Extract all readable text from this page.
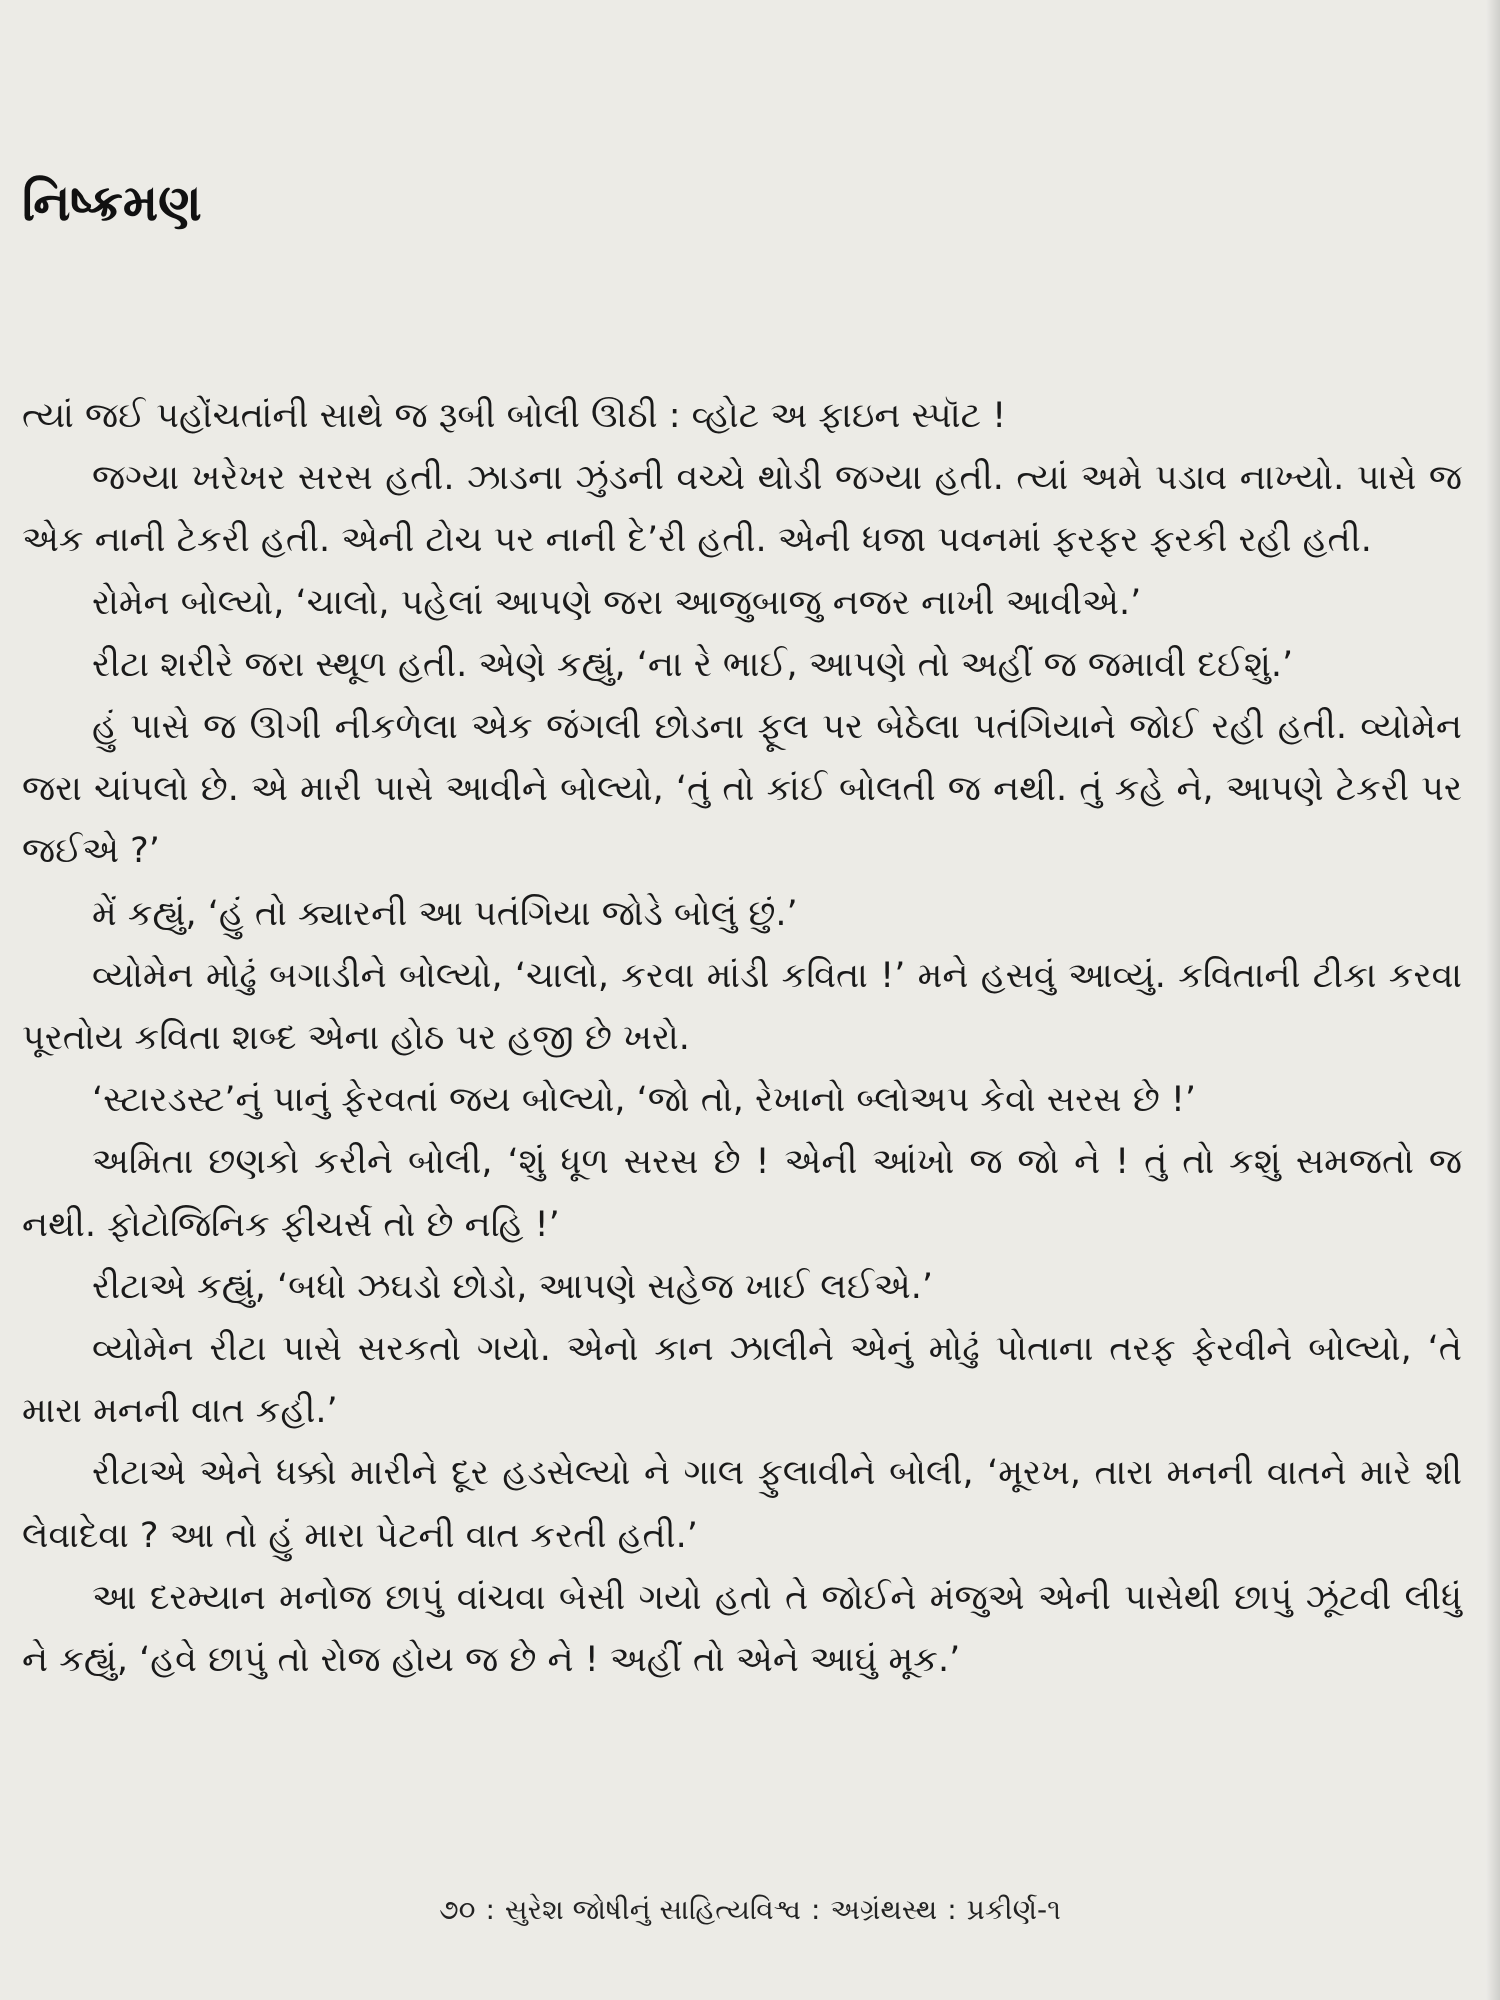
નિષ્ક્રમણ

ત્યાં જઈ પહોંચતાંની સાથે જ રૂબી બોલી ઊઠી : વ્હોટ અ ફાઇન સ્પૉટ !

જગ્યા ખરેખર સરસ હતી. ઝાડના ઝુંડની વચ્ચે થોડી જગ્યા હતી. ત્યાં અમે પડાવ નાખ્યો. પાસે જ એક નાની ટેકરી હતી. એની ટોચ પર નાની દે’રી હતી. એની ધજા પવનમાં ફરફર ફરકી રહી હતી.

રોમેન બોલ્યો, ‘ચાલો, પહેલાં આપણે જરા આજુબાજુ નજર નાખી આવીએ.’

રીટા શરીરે જરા સ્થૂળ હતી. એણે કહ્યું, ‘ના રે ભાઈ, આપણે તો અહીં જ જમાવી દઈશું.’

હું પાસે જ ઊગી નીકળેલા એક જંગલી છોડના ફૂલ પર બેઠેલા પતંગિયાને જોઈ રહી હતી. વ્યોમેન જરા ચાંપલો છે. એ મારી પાસે આવીને બોલ્યો, ‘તું તો કાંઈ બોલતી જ નથી. તું કહે ને, આપણે ટેકરી પર જઈએ ?’

મેં કહ્યું, ‘હું તો ક્યારની આ પતંગિયા જોડે બોલું છું.’

વ્યોમેન મોઢું બગાડીને બોલ્યો, ‘ચાલો, કરવા માંડી કવિતા !’ મને હસવું આવ્યું. કવિતાની ટીકા કરવા પૂરતોય કવિતા શબ્દ એના હોઠ પર હજી છે ખરો.

‘સ્ટારડસ્ટ’નું પાનું ફેરવતાં જય બોલ્યો, ‘જો તો, રેખાનો બ્લોઅપ કેવો સરસ છે !’

અમિતા છણકો કરીને બોલી, ‘શું ધૂળ સરસ છે ! એની આંખો જ જો ને ! તું તો કશું સમજતો જ નથી. ફોટોજિનિક ફીચર્સ તો છે નહિ !’

રીટાએ કહ્યું, ‘બધો ઝઘડો છોડો, આપણે સહેજ ખાઈ લઈએ.’

વ્યોમેન રીટા પાસે સરકતો ગયો. એનો કાન ઝાલીને એનું મોઢું પોતાના તરફ ફેરવીને બોલ્યો, ‘તે મારા મનની વાત કહી.’

રીટાએ એને ધક્કો મારીને દૂર હડસેલ્યો ને ગાલ ફુલાવીને બોલી, ‘મૂરખ, તારા મનની વાતને મારે શી લેવાદેવા ? આ તો હું મારા પેટની વાત કરતી હતી.’

આ દરમ્યાન મનોજ છાપું વાંચવા બેસી ગયો હતો તે જોઈને મંજુએ એની પાસેથી છાપું ઝૂંટવી લીધું ને કહ્યું, ‘હવે છાપું તો રોજ હોય જ છે ને ! અહીં તો એને આઘું મૂક.’

૭૦ : સુરેશ જોષીનું સાહિત્યવિશ્વ : અગ્રંથસ્થ : પ્રકીર્ણ-૧
